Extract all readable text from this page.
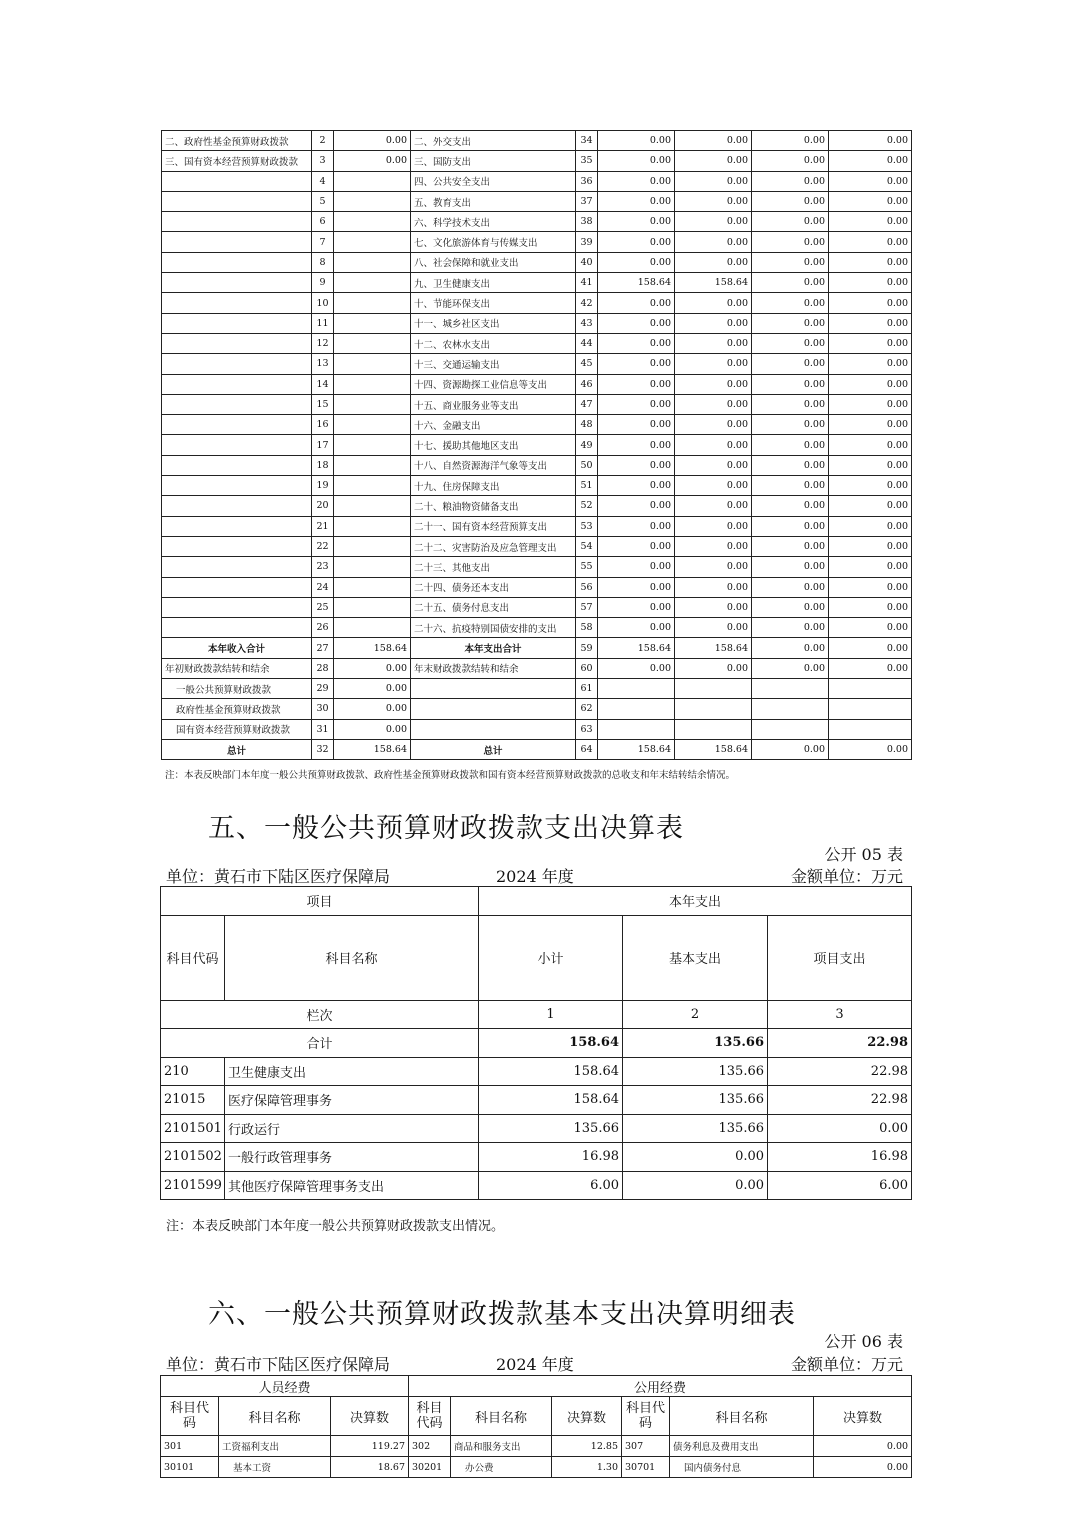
二、政府性基金预算财政拨款	2	0.00	二、外交支出	34	0.00	0.00	0.00	0.00
三、国有资本经营预算财政拨款	3	0.00	三、国防支出	35	0.00	0.00	0.00	0.00
	4		四、公共安全支出	36	0.00	0.00	0.00	0.00
	5		五、教育支出	37	0.00	0.00	0.00	0.00
	6		六、科学技术支出	38	0.00	0.00	0.00	0.00
	7		七、文化旅游体育与传媒支出	39	0.00	0.00	0.00	0.00
	8		八、社会保障和就业支出	40	0.00	0.00	0.00	0.00
	9		九、卫生健康支出	41	158.64	158.64	0.00	0.00
	10		十、节能环保支出	42	0.00	0.00	0.00	0.00
	11		十一、城乡社区支出	43	0.00	0.00	0.00	0.00
	12		十二、农林水支出	44	0.00	0.00	0.00	0.00
	13		十三、交通运输支出	45	0.00	0.00	0.00	0.00
	14		十四、资源勘探工业信息等支出	46	0.00	0.00	0.00	0.00
	15		十五、商业服务业等支出	47	0.00	0.00	0.00	0.00
	16		十六、金融支出	48	0.00	0.00	0.00	0.00
	17		十七、援助其他地区支出	49	0.00	0.00	0.00	0.00
	18		十八、自然资源海洋气象等支出	50	0.00	0.00	0.00	0.00
	19		十九、住房保障支出	51	0.00	0.00	0.00	0.00
	20		二十、粮油物资储备支出	52	0.00	0.00	0.00	0.00
	21		二十一、国有资本经营预算支出	53	0.00	0.00	0.00	0.00
	22		二十二、灾害防治及应急管理支出	54	0.00	0.00	0.00	0.00
	23		二十三、其他支出	55	0.00	0.00	0.00	0.00
	24		二十四、债务还本支出	56	0.00	0.00	0.00	0.00
	25		二十五、债务付息支出	57	0.00	0.00	0.00	0.00
	26		二十六、抗疫特别国债安排的支出	58	0.00	0.00	0.00	0.00
本年收入合计	27	158.64	本年支出合计	59	158.64	158.64	0.00	0.00
年初财政拨款结转和结余	28	0.00	年末财政拨款结转和结余	60	0.00	0.00	0.00	0.00
一般公共预算财政拨款	29	0.00		61				
政府性基金预算财政拨款	30	0.00		62				
国有资本经营预算财政拨款	31	0.00		63				
总计	32	158.64	总计	64	158.64	158.64	0.00	0.00
注：本表反映部门本年度一般公共预算财政拨款、政府性基金预算财政拨款和国有资本经营预算财政拨款的总收支和年末结转结余情况。
五、一般公共预算财政拨款支出决算表
公开 05 表
单位：黄石市下陆区医疗保障局	2024 年度	金额单位：万元
项目		本年支出		
科目代码	科目名称	小计	基本支出	项目支出
栏次		1	2	3
合计		158.64	135.66	22.98
210	卫生健康支出	158.64	135.66	22.98
21015	医疗保障管理事务	158.64	135.66	22.98
2101501	行政运行	135.66	135.66	0.00
2101502	一般行政管理事务	16.98	0.00	16.98
2101599	其他医疗保障管理事务支出	6.00	0.00	6.00
注：本表反映部门本年度一般公共预算财政拨款支出情况。
六、一般公共预算财政拨款基本支出决算明细表
公开 06 表
单位：黄石市下陆区医疗保障局	2024 年度	金额单位：万元
人员经费			公用经费					
科目代码	科目名称	决算数	科目代码	科目名称	决算数	科目代码	科目名称	决算数
301	工资福利支出	119.27	302	商品和服务支出	12.85	307	债务利息及费用支出	0.00
30101	基本工资	18.67	30201	办公费	1.30	30701	国内债务付息	0.00
